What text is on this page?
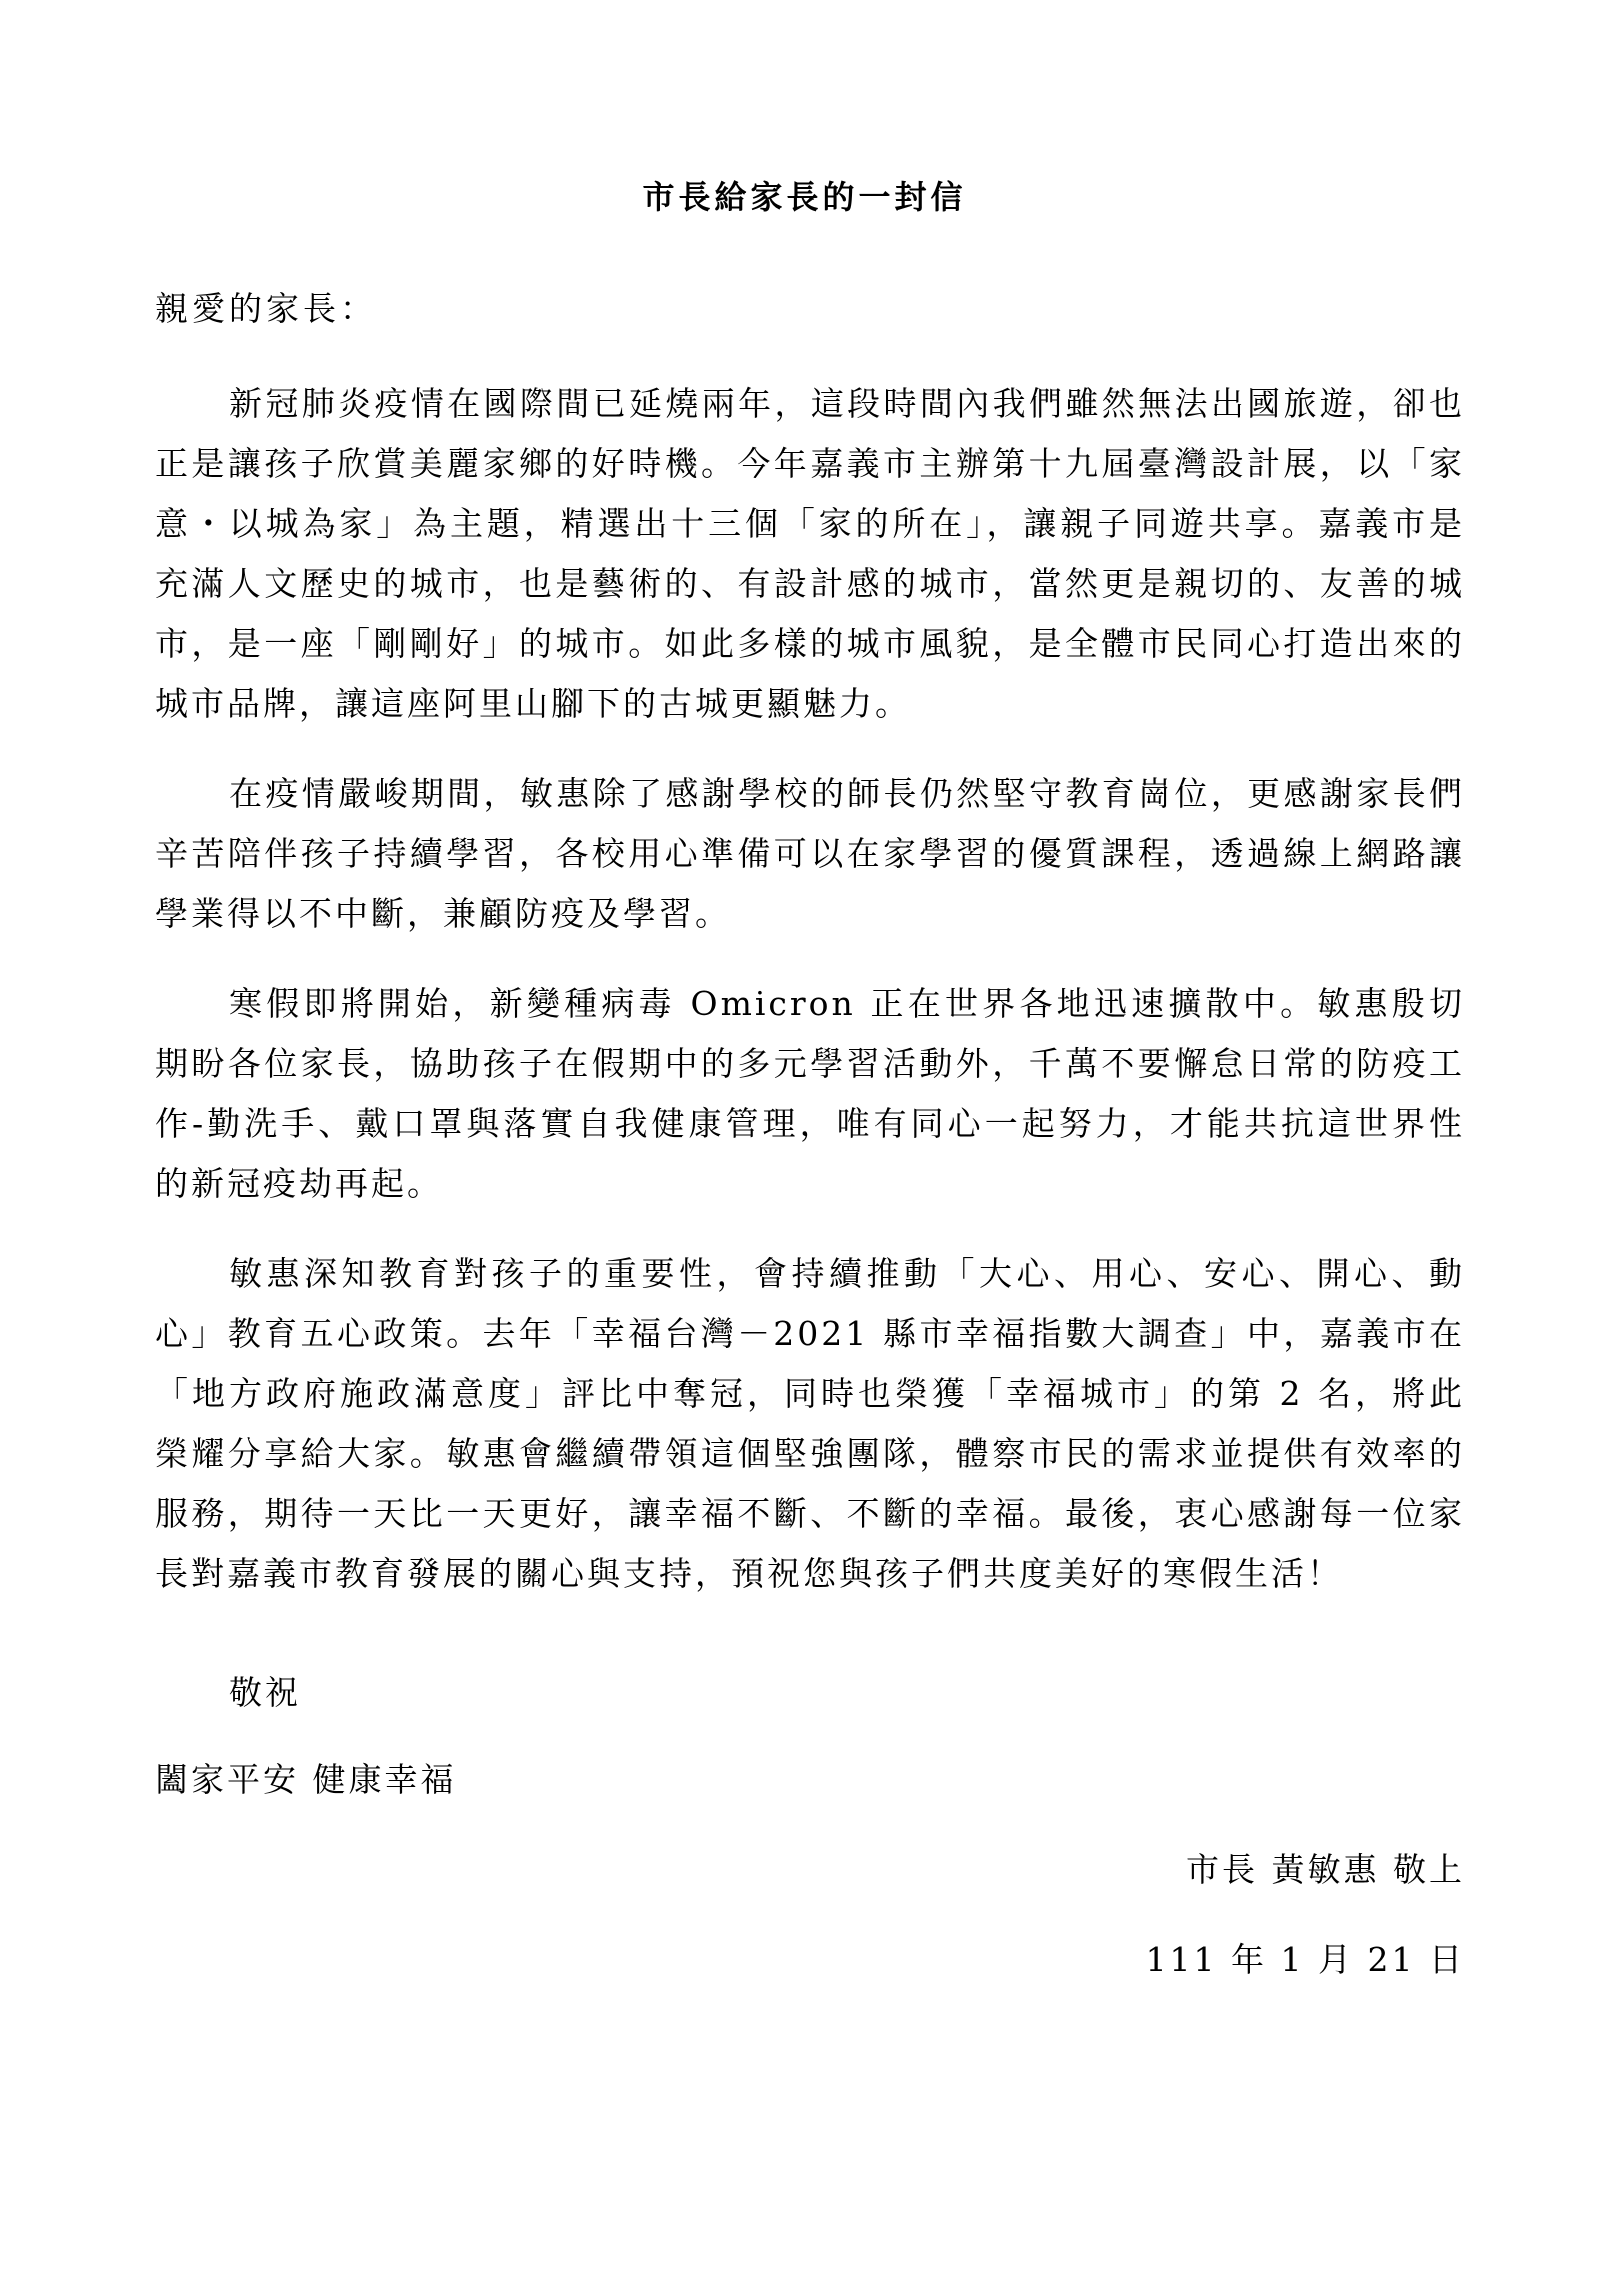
市長給家長的一封信
親愛的家長：

新冠肺炎疫情在國際間已延燒兩年，這段時間內我們雖然無法出國旅遊，卻也正是讓孩子欣賞美麗家鄉的好時機。今年嘉義市主辦第十九屆臺灣設計展，以「家意・以城為家」為主題，精選出十三個「家的所在」，讓親子同遊共享。嘉義市是充滿人文歷史的城市，也是藝術的、有設計感的城市，當然更是親切的、友善的城市，是一座「剛剛好」的城市。如此多樣的城市風貌，是全體市民同心打造出來的城市品牌，讓這座阿里山腳下的古城更顯魅力。

在疫情嚴峻期間，敏惠除了感謝學校的師長仍然堅守教育崗位，更感謝家長們辛苦陪伴孩子持續學習，各校用心準備可以在家學習的優質課程，透過線上網路讓學業得以不中斷，兼顧防疫及學習。

寒假即將開始，新變種病毒 Omicron 正在世界各地迅速擴散中。敏惠殷切期盼各位家長，協助孩子在假期中的多元學習活動外，千萬不要懈怠日常的防疫工作-勤洗手、戴口罩與落實自我健康管理，唯有同心一起努力，才能共抗這世界性的新冠疫劫再起。

敏惠深知教育對孩子的重要性，會持續推動「大心、用心、安心、開心、動心」教育五心政策。去年「幸福台灣－2021 縣市幸福指數大調查」中，嘉義市在「地方政府施政滿意度」評比中奪冠，同時也榮獲「幸福城市」的第 2 名，將此榮耀分享給大家。敏惠會繼續帶領這個堅強團隊，體察市民的需求並提供有效率的服務，期待一天比一天更好，讓幸福不斷、不斷的幸福。最後，衷心感謝每一位家長對嘉義市教育發展的關心與支持，預祝您與孩子們共度美好的寒假生活！

敬祝
闔家平安 健康幸福
市長 黃敏惠 敬上
111 年 1 月 21 日
